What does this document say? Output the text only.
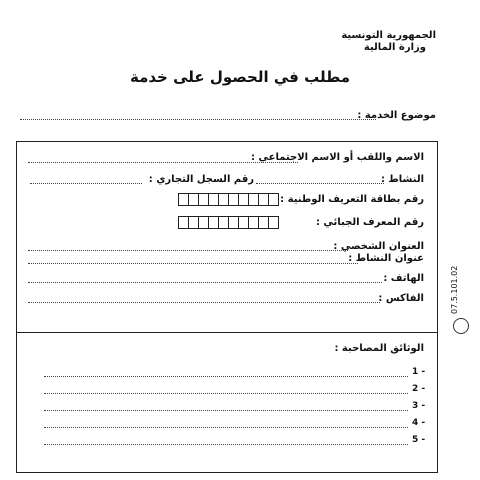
الجمهورية التونسية
وزارة المالية
مطلب في الحصول على خدمة
موضوع الخدمة :
الاسم واللقب أو الاسم الاجتماعي :
النشاط :
رقم السجل التجاري :
رقم بطاقة التعريف الوطنية :
رقم المعرف الجبائي :
العنوان الشخصي :
عنوان النشاط :
الهاتف :
الفاكس :
الوثائق المصاحبة :
1 -
2 -
3 -
4 -
5 -
07.5.101.02
